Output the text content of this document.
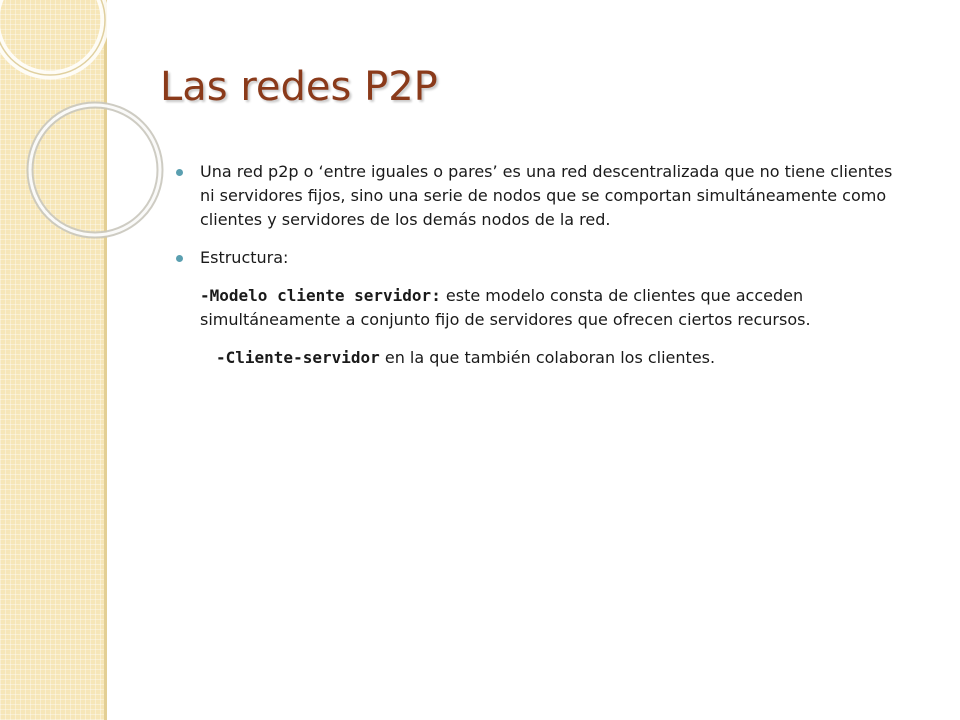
Las redes P2P
Una red p2p o ‘entre iguales o pares’ es una red descentralizada que no tiene clientes ni servidores fijos, sino una serie de nodos que se comportan simultáneamente como clientes y servidores de los demás nodos de la red.
Estructura:
-Modelo cliente servidor: este modelo consta de clientes que acceden simultáneamente a conjunto fijo de servidores que ofrecen ciertos recursos.
-Cliente-servidor en la que también colaboran los clientes.
